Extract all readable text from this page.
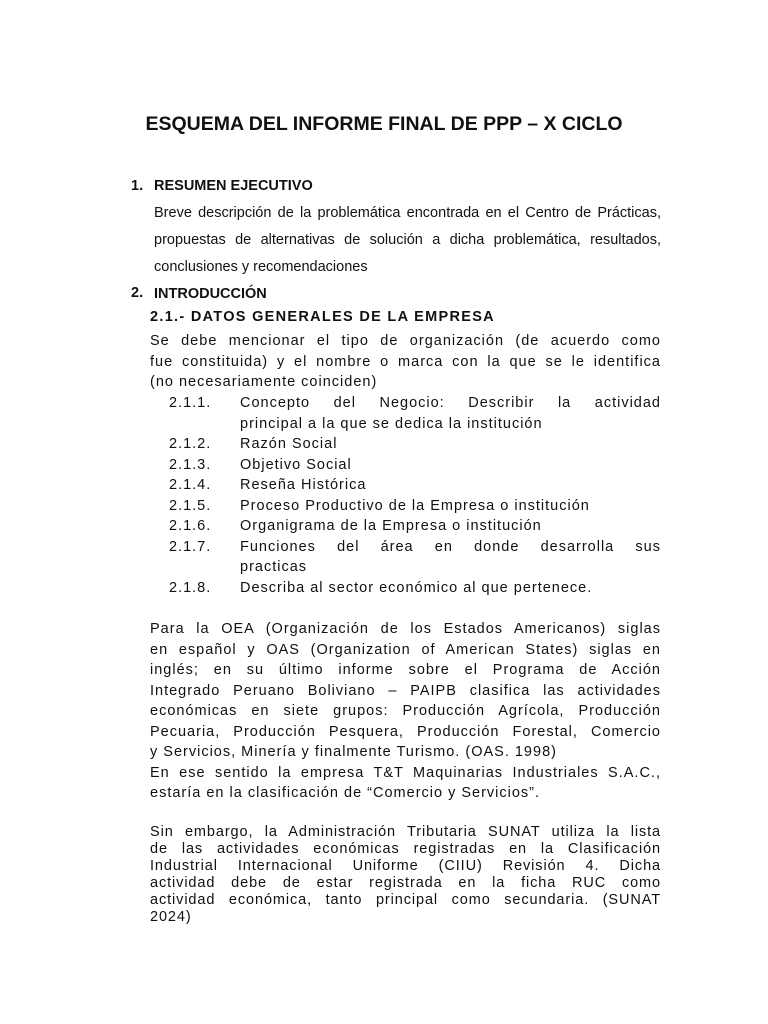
ESQUEMA DEL INFORME FINAL DE PPP – X CICLO
1. RESUMEN EJECUTIVO
Breve descripción de la problemática encontrada en el Centro de Prácticas,
propuestas de alternativas de solución a dicha problemática, resultados,
conclusiones y recomendaciones
2. INTRODUCCIÓN
2.1.- DATOS GENERALES DE LA EMPRESA
Se debe mencionar el tipo de organización (de acuerdo como
fue constituida) y el nombre o marca con la que se le identifica
(no necesariamente coinciden)
2.1.1.	Concepto del Negocio: Describir la actividad
principal a la que se dedica la institución
2.1.2.	Razón Social
2.1.3.	Objetivo Social
2.1.4.	Reseña Histórica
2.1.5.	Proceso Productivo de la Empresa o institución
2.1.6.	Organigrama de la Empresa o institución
2.1.7.	Funciones del área en donde desarrolla sus
practicas
2.1.8.	Describa al sector económico al que pertenece.
Para la OEA (Organización de los Estados Americanos) siglas
en español y OAS (Organization of American States) siglas en
inglés; en su último informe sobre el Programa de Acción
Integrado Peruano Boliviano – PAIPB clasifica las actividades
económicas en siete grupos: Producción Agrícola, Producción
Pecuaria, Producción Pesquera, Producción Forestal, Comercio
y Servicios, Minería y finalmente Turismo. (OAS. 1998)
En ese sentido la empresa T&T Maquinarias Industriales S.A.C.,
estaría en la clasificación de “Comercio y Servicios”.
Sin embargo, la Administración Tributaria SUNAT utiliza la lista
de las actividades económicas registradas en la Clasificación
Industrial Internacional Uniforme (CIIU) Revisión 4. Dicha
actividad debe de estar registrada en la ficha RUC como
actividad económica, tanto principal como secundaria. (SUNAT
2024)
